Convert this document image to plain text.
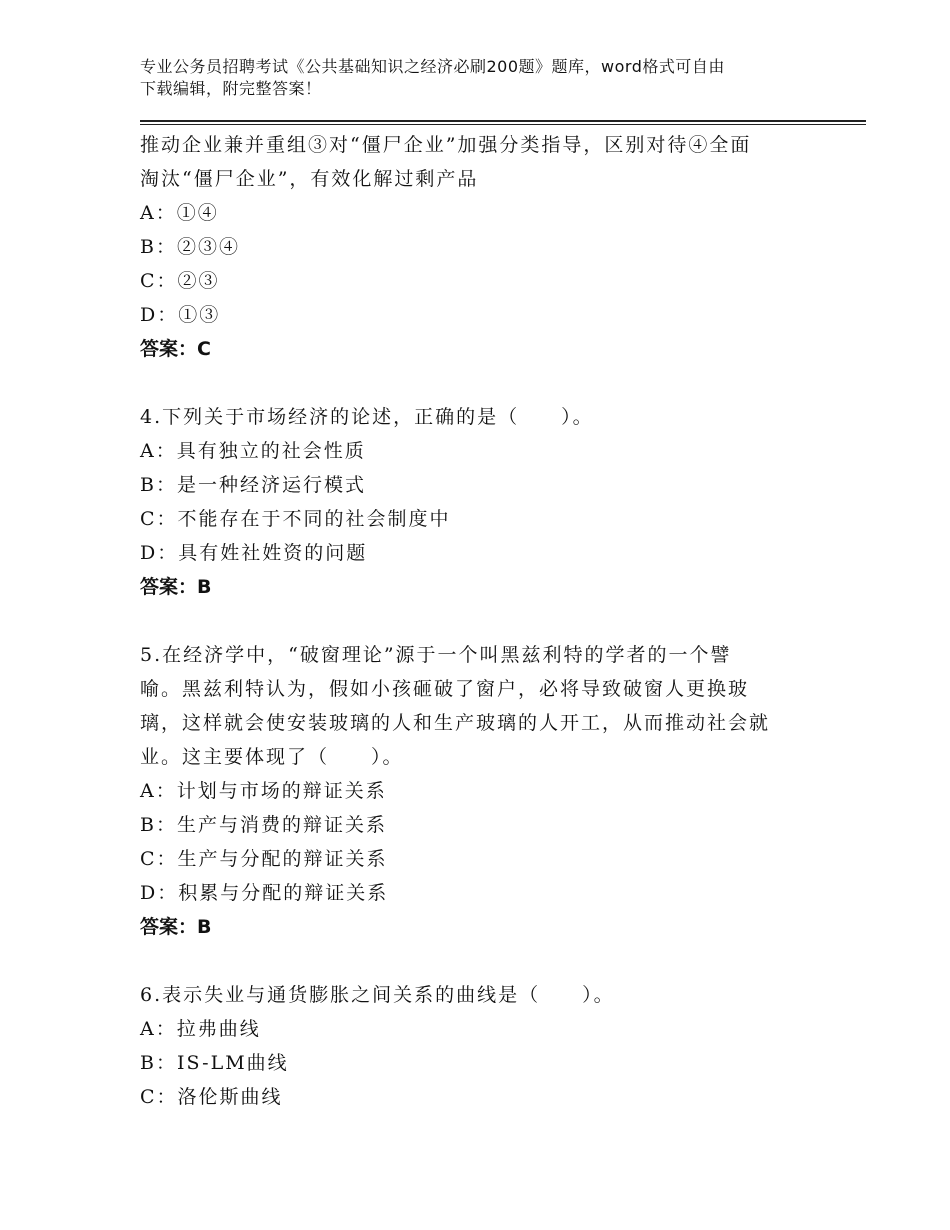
专业公务员招聘考试《公共基础知识之经济必刷200题》题库，word格式可自由
下载编辑，附完整答案！
推动企业兼并重组③对“僵尸企业”加强分类指导，区别对待④全面
淘汰“僵尸企业”，有效化解过剩产品
A：①④
B：②③④
C：②③
D：①③
答案：C
4.下列关于市场经济的论述，正确的是（　　）。
A：具有独立的社会性质
B：是一种经济运行模式
C：不能存在于不同的社会制度中
D：具有姓社姓资的问题
答案：B
5.在经济学中，“破窗理论”源于一个叫黑兹利特的学者的一个譬
喻。黑兹利特认为，假如小孩砸破了窗户，必将导致破窗人更换玻
璃，这样就会使安装玻璃的人和生产玻璃的人开工，从而推动社会就
业。这主要体现了（　　）。
A：计划与市场的辩证关系
B：生产与消费的辩证关系
C：生产与分配的辩证关系
D：积累与分配的辩证关系
答案：B
6.表示失业与通货膨胀之间关系的曲线是（　　）。
A：拉弗曲线
B：IS-LM曲线
C：洛伦斯曲线
